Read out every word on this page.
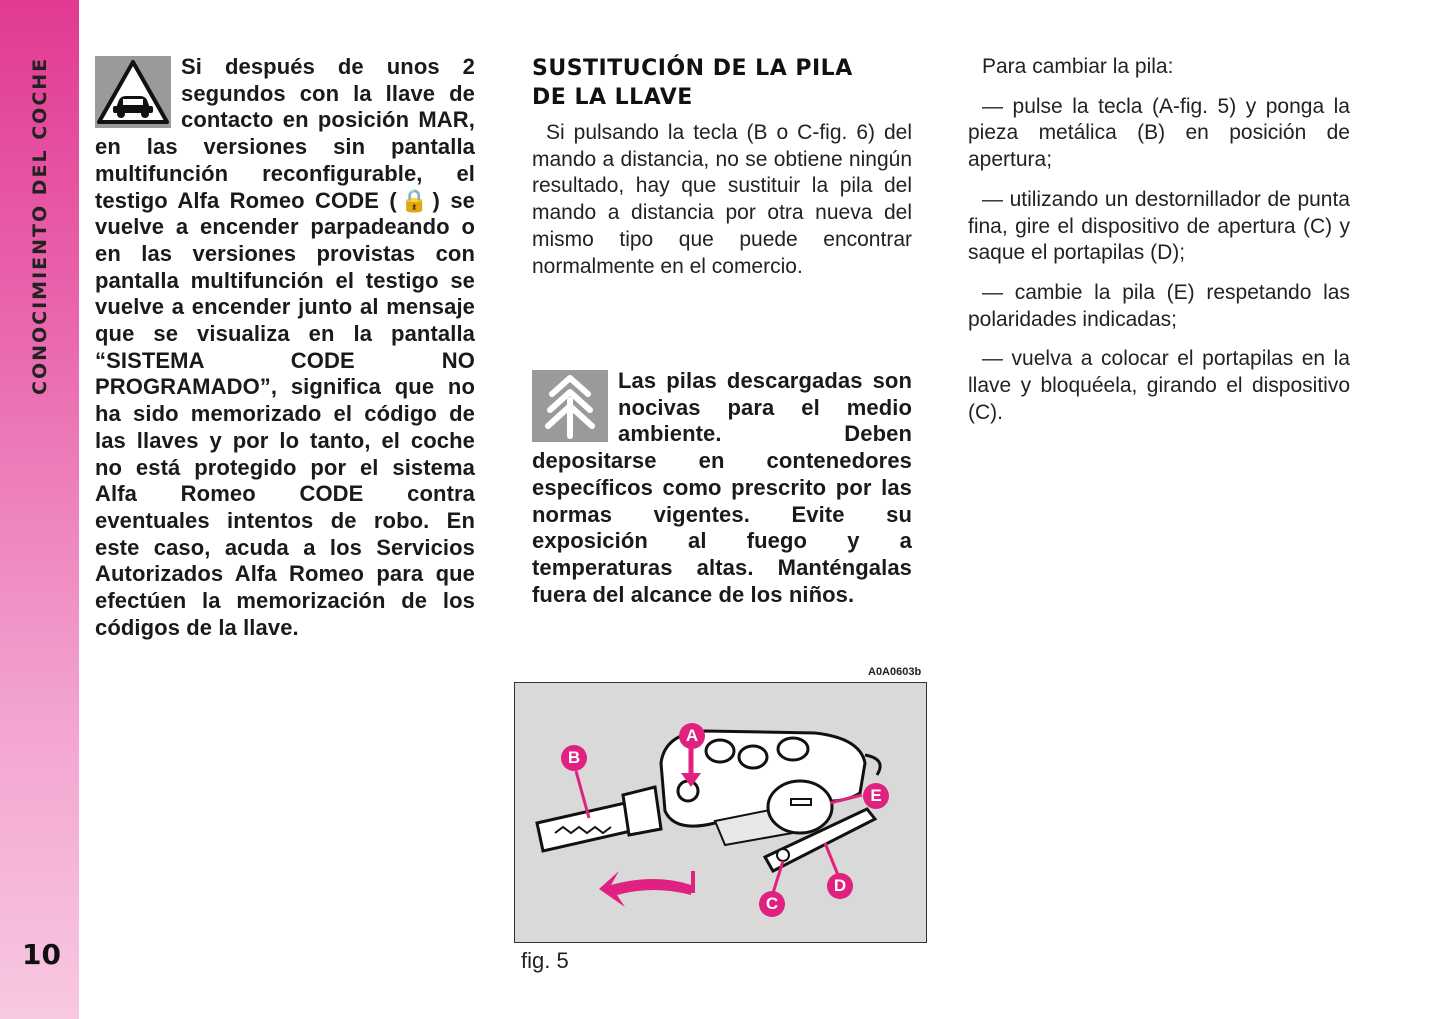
CONOCIMIENTO DEL COCHE
10
Si después de unos 2 segundos con la llave de contacto en posición MAR, en las versiones sin pantalla multifunción reconfigurable, el testigo Alfa Romeo CODE (🔒) se vuelve a encender parpadeando o en las versiones provistas con pantalla multifunción el testigo se vuelve a encender junto al mensaje que se visualiza en la pantalla “SISTEMA CODE NO PROGRAMADO”, significa que no ha sido memorizado el código de las llaves y por lo tanto, el coche no está protegido por el sistema Alfa Romeo CODE contra eventuales intentos de robo. En este caso, acuda a los Servicios Autorizados Alfa Romeo para que efectúen la memorización de los códigos de la llave.
SUSTITUCIÓN DE LA PILA
DE LA LLAVE
Si pulsando la tecla (B o C-fig. 6) del mando a distancia, no se obtiene ningún resultado, hay que sustituir la pila del mando a distancia por otra nueva del mismo tipo que puede encontrar normalmente en el comercio.
Las pilas descargadas son nocivas para el medio ambiente. Deben depositarse en contenedores específicos como prescrito por las normas vigentes. Evite su exposición al fuego y a temperaturas altas. Manténgalas fuera del alcance de los niños.
Para cambiar la pila:
— pulse la tecla (A-fig. 5) y ponga la pieza metálica (B) en posición de apertura;
— utilizando un destornillador de punta fina, gire el dispositivo de apertura (C) y saque el portapilas (D);
— cambie la pila (E) respetando las polaridades indicadas;
— vuelva a colocar el portapilas en la llave y bloquéela, girando el dispositivo (C).
A0A0603b
A
B
C
D
E
fig. 5
